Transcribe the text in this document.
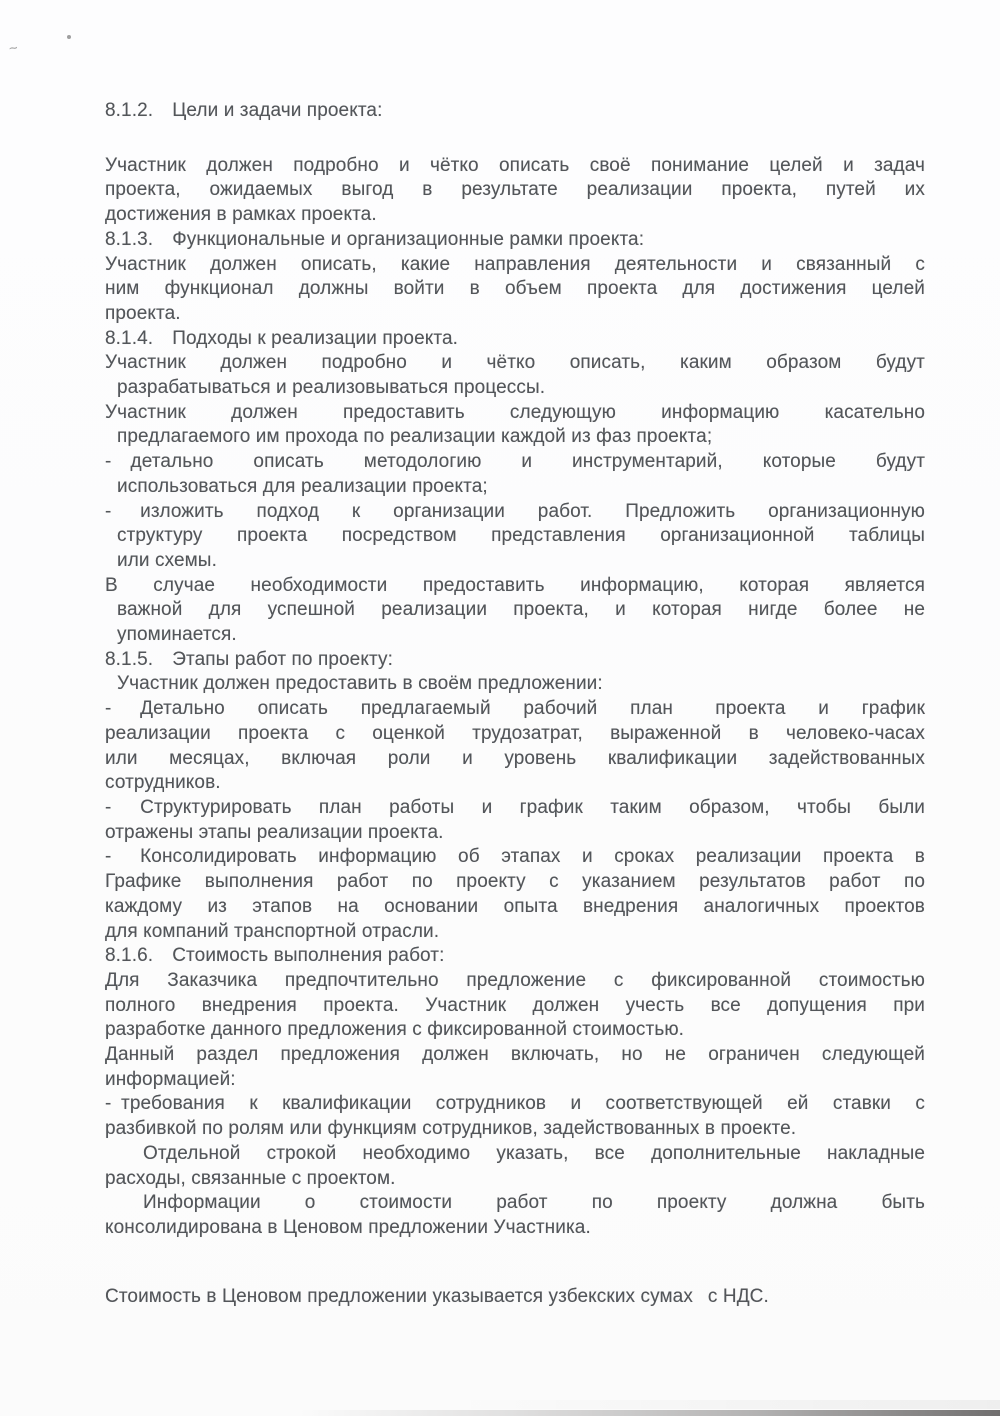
~
8.1.2. Цели и задачи проекта:
Участник должен подробно и чётко описать своё понимание целей и задач
проекта, ожидаемых выгод в результате реализации проекта, путей их
достижения в рамках проекта.
8.1.3. Функциональные и организационные рамки проекта:
Участник должен описать, какие направления деятельности и связанный с
ним функционал должны войти в объем проекта для достижения целей
проекта.
8.1.4. Подходы к реализации проекта.
Участник должен подробно и чётко описать, каким образом будут
разрабатываться и реализовываться процессы.
Участник должен предоставить следующую информацию касательно
предлагаемого им прохода по реализации каждой из фаз проекта;
- детально описать методологию и инструментарий, которые будут
использоваться для реализации проекта;
-  изложить подход к организации работ. Предложить организационную
структуру проекта посредством представления организационной таблицы
или схемы.
В случае необходимости предоставить информацию, которая является
важной для успешной реализации проекта, и которая нигде более не
упоминается.
8.1.5. Этапы работ по проекту:
Участник должен предоставить в своём предложении:
-  Детально описать предлагаемый рабочий план  проекта и график
реализации проекта с оценкой трудозатрат, выраженной в человеко-часах
или месяцах, включая роли и уровень квалификации задействованных
сотрудников.
-  Структурировать план работы и график таким образом, чтобы были
отражены этапы реализации проекта.
-  Консолидировать информацию об этапах и сроках реализации проекта в
Графике выполнения работ по проекту с указанием результатов работ по
каждому из этапов на основании опыта внедрения аналогичных проектов
для компаний транспортной отрасли.
8.1.6. Стоимость выполнения работ:
Для Заказчика предпочтительно предложение с фиксированной стоимостью
полного внедрения проекта. Участник должен учесть все допущения при
разработке данного предложения с фиксированной стоимостью.
Данный раздел предложения должен включать, но не ограничен следующей
информацией:
- требования к квалификации сотрудников и соответствующей ей ставки с
разбивкой по ролям или функциям сотрудников, задействованных в проекте.
Отдельной строкой необходимо указать, все дополнительные накладные
расходы, связанные с проектом.
Информации о стоимости работ по проекту должна быть
консолидирована в Ценовом предложении Участника.
Стоимость в Ценовом предложении указывается узбекских сумах  с НДС.
